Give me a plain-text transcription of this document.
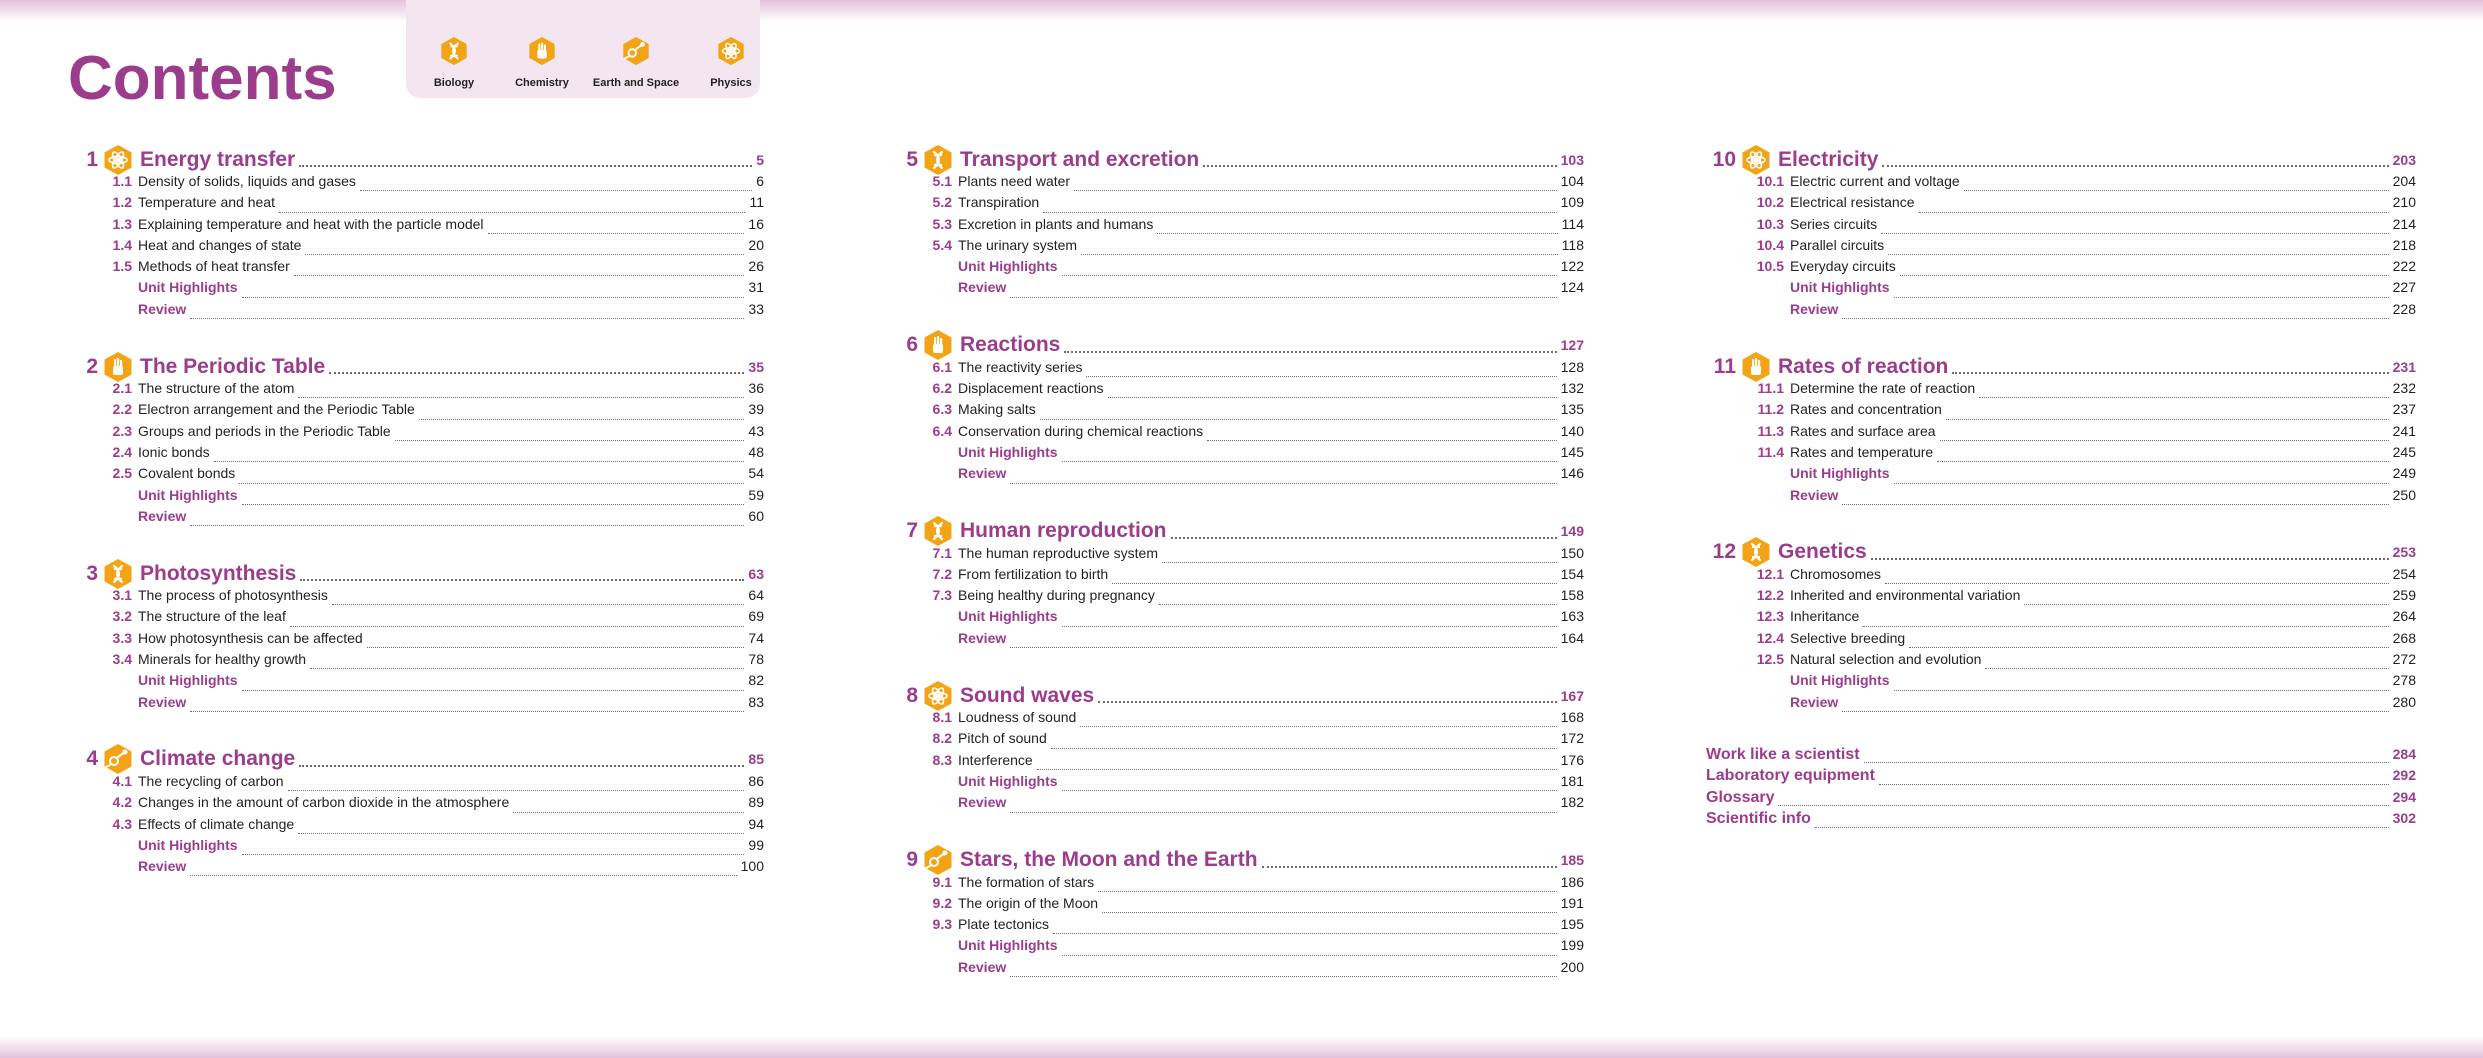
Contents	Biology	Chemistry	Earth and Space	Physics
1 Energy transfer	5
1.1 Density of solids, liquids and gases	6
1.2 Temperature and heat	11
1.3 Explaining temperature and heat with the particle model	16
1.4 Heat and changes of state	20
1.5 Methods of heat transfer	26
Unit Highlights	31
Review	33
2 The Periodic Table	35
2.1 The structure of the atom	36
2.2 Electron arrangement and the Periodic Table	39
2.3 Groups and periods in the Periodic Table	43
2.4 Ionic bonds	48
2.5 Covalent bonds	54
Unit Highlights	59
Review	60
3 Photosynthesis	63
3.1 The process of photosynthesis	64
3.2 The structure of the leaf	69
3.3 How photosynthesis can be affected	74
3.4 Minerals for healthy growth	78
Unit Highlights	82
Review	83
4 Climate change	85
4.1 The recycling of carbon	86
4.2 Changes in the amount of carbon dioxide in the atmosphere	89
4.3 Effects of climate change	94
Unit Highlights	99
Review	100
5 Transport and excretion	103
5.1 Plants need water	104
5.2 Transpiration	109
5.3 Excretion in plants and humans	114
5.4 The urinary system	118
Unit Highlights	122
Review	124
6 Reactions	127
6.1 The reactivity series	128
6.2 Displacement reactions	132
6.3 Making salts	135
6.4 Conservation during chemical reactions	140
Unit Highlights	145
Review	146
7 Human reproduction	149
7.1 The human reproductive system	150
7.2 From fertilization to birth	154
7.3 Being healthy during pregnancy	158
Unit Highlights	163
Review	164
8 Sound waves	167
8.1 Loudness of sound	168
8.2 Pitch of sound	172
8.3 Interference	176
Unit Highlights	181
Review	182
9 Stars, the Moon and the Earth	185
9.1 The formation of stars	186
9.2 The origin of the Moon	191
9.3 Plate tectonics	195
Unit Highlights	199
Review	200
10 Electricity	203
10.1 Electric current and voltage	204
10.2 Electrical resistance	210
10.3 Series circuits	214
10.4 Parallel circuits	218
10.5 Everyday circuits	222
Unit Highlights	227
Review	228
11 Rates of reaction	231
11.1 Determine the rate of reaction	232
11.2 Rates and concentration	237
11.3 Rates and surface area	241
11.4 Rates and temperature	245
Unit Highlights	249
Review	250
12 Genetics	253
12.1 Chromosomes	254
12.2 Inherited and environmental variation	259
12.3 Inheritance	264
12.4 Selective breeding	268
12.5 Natural selection and evolution	272
Unit Highlights	278
Review	280
Work like a scientist	284
Laboratory equipment	292
Glossary	294
Scientific info	302
